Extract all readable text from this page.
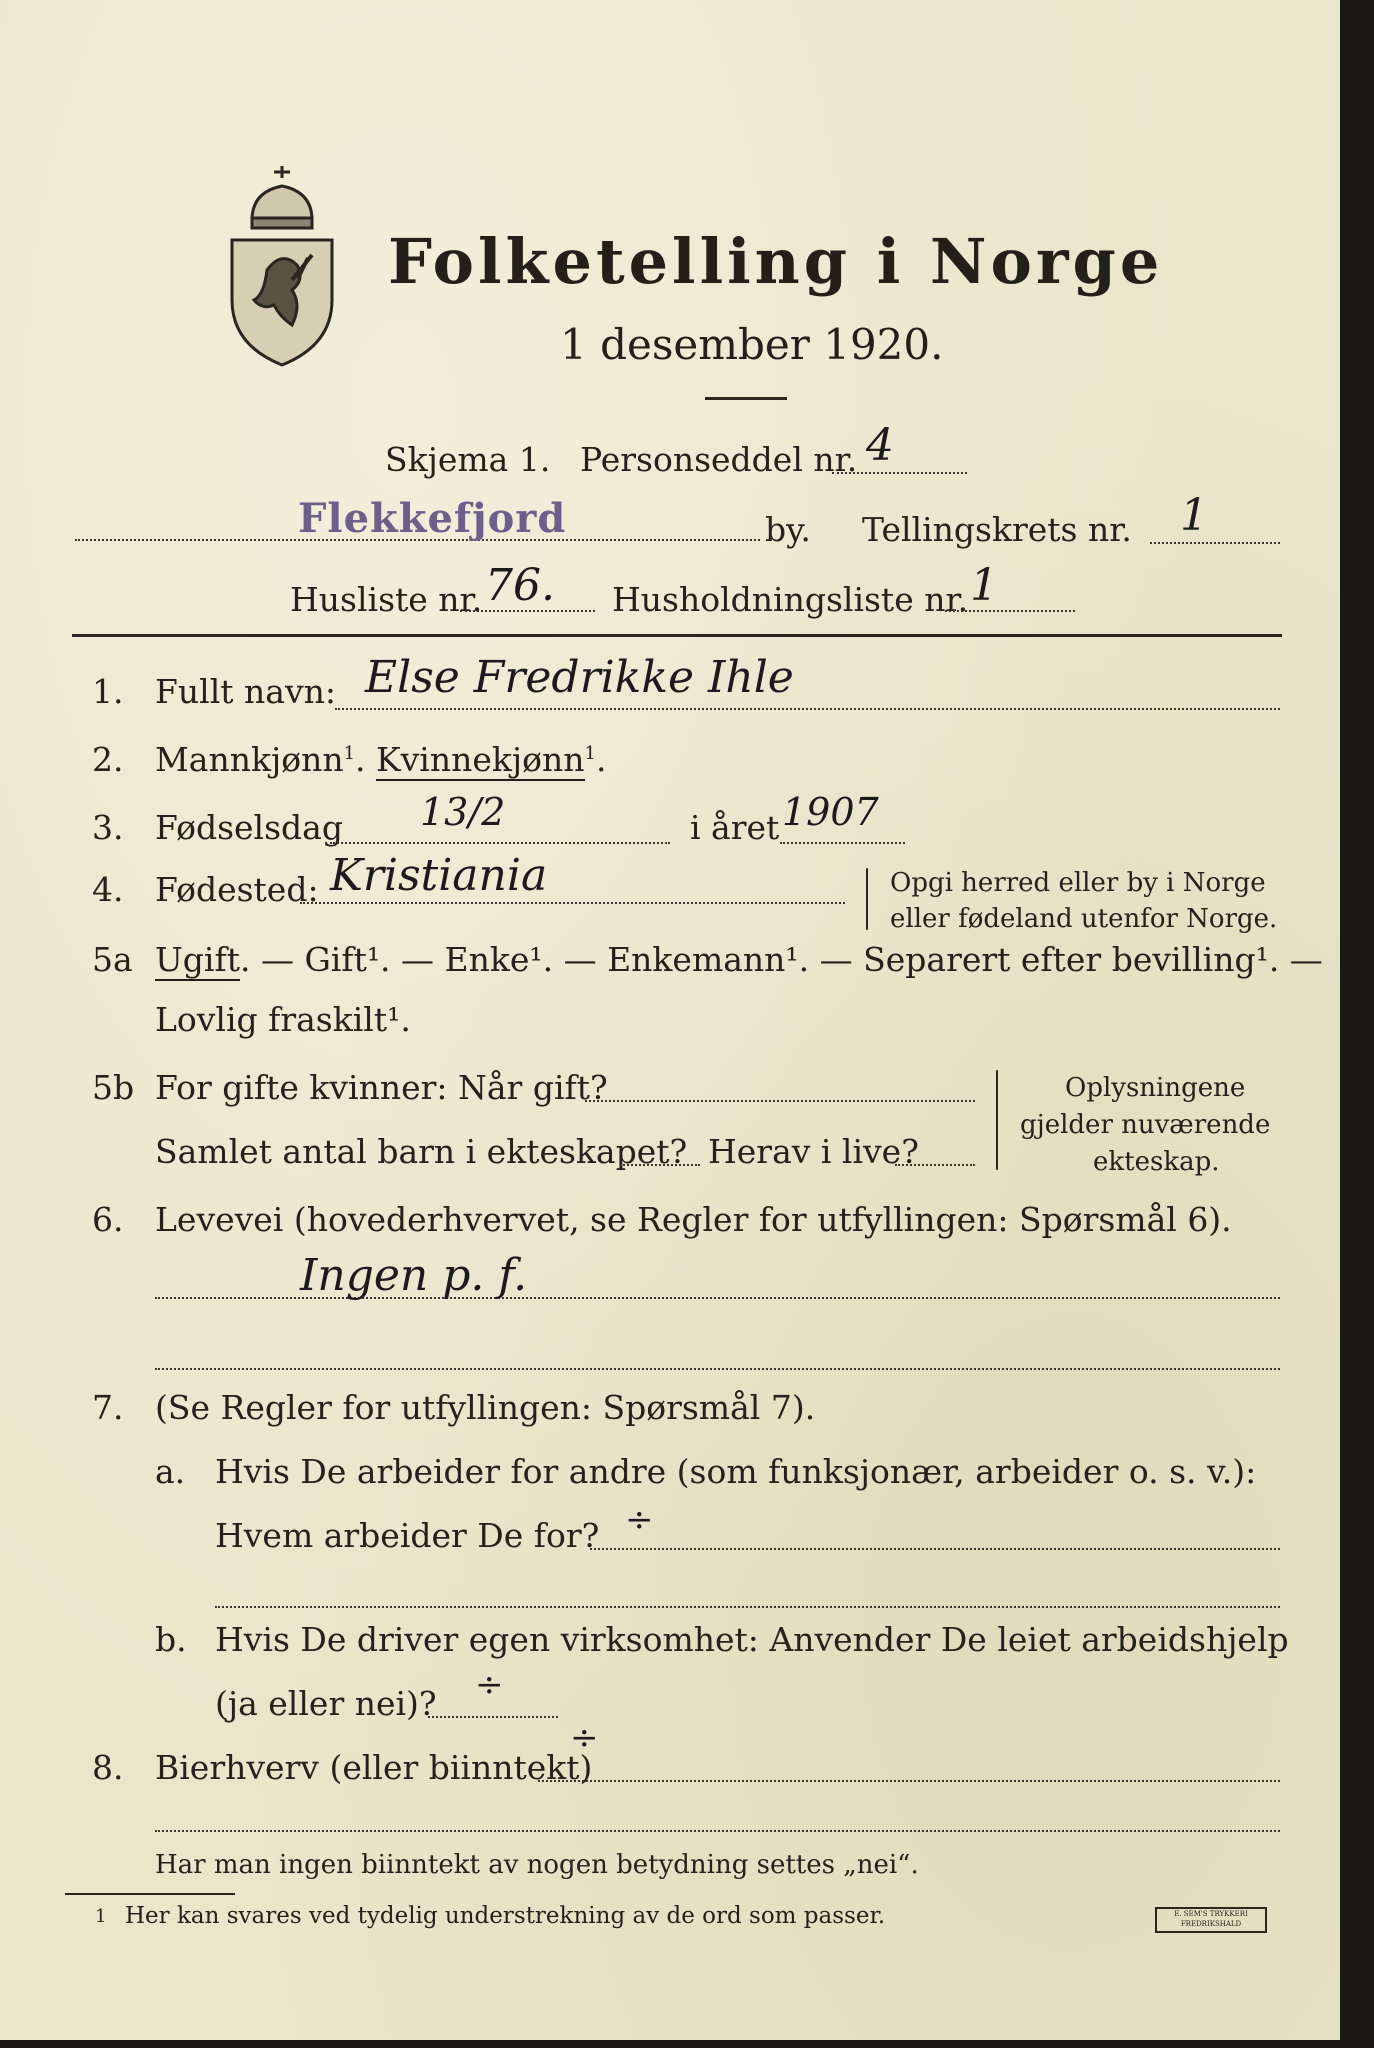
Folketelling i Norge
1 desember 1920.
Skjema 1. Personseddel nr. 4
Flekkefjord	by. Tellingskrets nr. 1
Husliste nr. 76. Husholdningsliste nr. 1
1. Fullt navn: Else Fredrikke Ihle
2. Mannkjønn$^1$. Kvinnekjønn$^1$.
3. Fødselsdag 13/2	i året 1907
4. Fødested: Kristiania	Opgi herred eller by i Norge
eller fødeland utenfor Norge.
5a Ugift. — Gift¹. — Enke¹. — Enkemann¹. — Separert efter bevilling¹. —
Lovlig fraskilt¹.
5b For gifte kvinner: Når gift?
Samlet antal barn i ekteskapet? Herav i live?
Oplysningene
gjelder nuværende
ekteskap.
6. Levevei (hovederhvervet, se Regler for utfyllingen: Spørsmål 6).
Ingen p. f.
7. (Se Regler for utfyllingen: Spørsmål 7).
a. Hvis De arbeider for andre (som funksjonær, arbeider o. s. v.):
Hvem arbeider De for? ÷
b. Hvis De driver egen virksomhet: Anvender De leiet arbeidshjelp
(ja eller nei)? ÷
8. Bierhverv (eller biinntekt)
÷
Har man ingen biinntekt av nogen betydning settes „nei“.
1 Her kan svares ved tydelig understrekning av de ord som passer.	E. SEM'S TRYKKERI FREDRIKSHALD
